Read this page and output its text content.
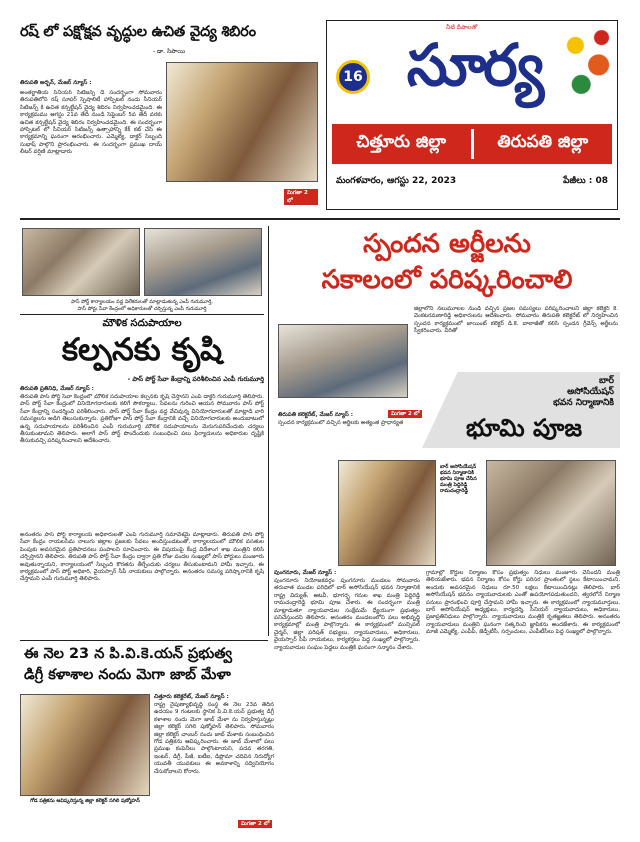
రష్ లో పక్షోక్షవ వృద్ధుల ఉచిత వైద్య శిబిరం
- డా. సిపాయి
తిరుపతి అర్బన్, మేజర్ న్యూస్ :
అంతర్జాతీయ సీనియర్ సిటిజన్స్ డే సందర్భంగా సోమవారం తిరుపతిలోని రష్ సూపర్ స్పెషాలిటీ హాస్పిటల్ నందు సీనియర్ సిటిజన్స్ కి ఉచిత కన్సల్టేషన్ వైద్య శిబిరం నిర్వహించడమైంది. ఈ కార్యక్రమము ఆగస్టు 21వ తేదీ నుండి సెప్టెంబర్ 5వ తేదీ వరకు ఉచిత కన్సల్టేషన్ వైద్య శిబిరం నిర్వహించడమైంది. ఈ సందర్భంగా హాస్పిటల్ లో సీనియర్ సిటిజన్స్ ఉత్సాహాన్ని కేక్ కట్ చేసి ఈ కార్యక్రమాన్ని ఘనంగా ఆరంభించారు. ఎమ్మెల్యే, డాక్టర్ సిబ్బంది సుభాష్ పాల్గొని ప్రారంభించారు. ఈ సందర్భంగా ప్రముఖ దాయ్ లీటర్ వర్షిణి మాట్లాడారు
మిగతా 2 లో
16
నీటి దీపాలతో
సూర్య
చిత్తూరు జిల్లా	తిరుపతి జిల్లా
మంగళవారం, ఆగస్టు 22, 2023	పేజీలు : 08
పాస్ పోర్ట్ కార్యాలయం వద్ద విలేకరులతో మాట్లాడుతున్న ఎంపీ గురుమూర్తి,
పాస్ పోర్టు సేవా కేంద్రంలో అధికారులతో చర్చిస్తున్న ఎంపీ గురుమూర్తి
మౌళిక సదుపాయాల
కల్పనకు కృషి
- పాస్ పోర్ట్ సేవా కేంద్రాన్ని పరిశీలించిన ఎంపీ గురుమూర్తి
తిరుపతి ప్రతినిధి, మేజర్ న్యూస్ :
తిరుపతి పాస్ పోర్ట్ సేవా కేంద్రంలో మౌలిక సదుపాయాల కల్పనకు కృషి చేస్తానని ఎంపీ డాక్టర్ గురుమూర్తి తెలిపారు. పాస్ పోర్ట్ సేవా కేంద్రంలో వినియోగదారులకు కలిగే సౌకర్యాలు, సేవలను గురించి ఆయన సోమవారం పాస్ పోర్ట్ సేవా కేంద్రాన్ని సందర్శించి పరిశీలించారు. పాస్ పోర్ట్ సేవా కేంద్రం వద్ద వేచివున్న వినియోగదారులతో మాట్లాడి వారి సమస్యలను అడిగి తెలుసుకున్నారు. ప్రతిరోజూ పాస్ పోర్ట్ సేవా కేంద్రానికి వచ్చే వినియోగదారులకు అందుబాటులో ఉన్న సదుపాయాలను పరిశీలించిన ఎంపీ గురుమూర్తి మౌలిక సదుపాయాలను మెరుగుపరిచేందుకు చర్యలు తీసుకుంటామని తెలిపారు. అలాగే పాస్ పోర్ట్ పొందేందుకు సంబంధించి పలు ఫిర్యాదులను అధికారుల దృష్టికి తీసుకువచ్చి పరిష్కరించాలని ఆదేశించారు.
అనంతరం పాస్ పోర్ట్ కార్యాలయ అధికారులతో ఎంపీ గురుమూర్తి సమావేశమై మాట్లాడారు. తిరుపతి పాస్ పోర్ట్ సేవా కేంద్రం రాయలసీమ నాలుగు జిల్లాల ప్రజలకు సేవలు అందిస్తుండటంతో, కార్యాలయంలో మౌలిక వసతుల పెంపుకు అవసరమైన ప్రతిపాదనలు పంపాలని సూచించారు. ఈ విషయంపై కేంద్ర విదేశాంగ శాఖ మంత్రిని కలిసి చర్చిస్తానని తెలిపారు. తిరుపతి పాస్ పోర్ట్ సేవా కేంద్రం ద్వారా ప్రతి రోజు వందల సంఖ్యలో పాస్ పోర్టులు మంజూరు అవుతున్నాయని, కార్యాలయంలో సిబ్బంది కొరతను తీర్చేందుకు చర్యలు తీసుకుంటామని హామీ ఇచ్చారు. ఈ కార్యక్రమంలో పాస్ పోర్ట్ అధికారి, వైయస్సార్ సీపీ నాయకులు పాల్గొన్నారు. అనంతరం సమస్య పరిష్కారానికి కృషి చేస్తామని ఎంపీ గురుమూర్తి తెలిపారు.
స్పందన అర్జీలను
సకాలంలో పరిష్కరించాలి
జిల్లాలోని నలుమూలల నుండి వచ్చిన ప్రజల సమస్యలు పరిష్కరించాలని జిల్లా కలెక్టర్ కె. వెంకటరమణారెడ్డి అధికారులను ఆదేశించారు. సోమవారం తిరుపతి కలెక్టరేట్ లో నిర్వహించిన స్పందన కార్యక్రమంలో జాయింట్ కలెక్టర్ డి.కె. బాలాజీతో కలిసి స్పందన గ్రీవెన్స్ అర్జీలను స్వీకరించారు. వీరితో
మిగతా 2 లో
తిరుపతి కలెక్టరేట్, మేజర్ న్యూస్ :
స్పందన కార్యక్రమంలో వచ్చిన అర్జీలకు అత్యంత ప్రాధాన్యత
బార్
అసోసియేషన్
భవన నిర్మాణానికి
భూమి పూజ
బార్ అసోసియేషన్ భవన నిర్మాణానికి భూమి పూజ చేసిన మంత్రి పెద్దిరెడ్డి రామచంద్రారెడ్డి
పుంగనూరు, మేజర్ న్యూస్ :
పుంగనూరు నియోజకవర్గం పుంగనూరు మండలం సోమవారం తరువాత మండల పరిధిలో బార్ అసోసియేషన్ భవన నిర్మాణానికి రాష్ట్ర విద్యుత్, అటవీ, భూగర్భ గనుల శాఖ మంత్రి పెద్దిరెడ్డి రామచంద్రారెడ్డి భూమి పూజ చేశారు. ఈ సందర్భంగా మంత్రి మాట్లాడుతూ న్యాయవాదుల సంక్షేమమే ధ్యేయంగా ప్రభుత్వం పనిచేస్తుందని తెలిపారు. అనంతరం మండలంలోని పలు అభివృద్ధి కార్యక్రమాల్లో మంత్రి పాల్గొన్నారు. ఈ కార్యక్రమంలో మున్సిపల్ చైర్మన్, జిల్లా పరిషత్ సభ్యులు, న్యాయవాదులు, అధికారులు, వైయస్సార్ సీపీ నాయకులు, కార్యకర్తలు పెద్ద సంఖ్యలో పాల్గొన్నారు. న్యాయవాదుల సంఘం పెద్దలు మంత్రికి ఘనంగా సన్మానం చేశారు.
గ్రామాల్లో కోర్టుల నిర్మాణం కోసం ప్రభుత్వం నిధులు మంజూరు చేసిందని మంత్రి తెలియజేశారు. భవన నిర్మాణం కోసం కోర్టు పరిసర ప్రాంతంలో స్థలం కేటాయించామని, అందుకు అవసరమైన నిధులు రూ.50 లక్షలు కేటాయించినట్లు తెలిపారు. బార్ అసోసియేషన్ భవనం న్యాయవాదులకు ఎంతో ఉపయోగపడుతుందని, త్వరలోనే నిర్మాణ పనులు ప్రారంభించి పూర్తి చేస్తామని హామీ ఇచ్చారు. ఈ కార్యక్రమంలో న్యాయమూర్తులు, బార్ అసోసియేషన్ అధ్యక్షులు, కార్యదర్శి, సీనియర్ న్యాయవాదులు, అధికారులు, ప్రజాప్రతినిధులు పాల్గొన్నారు. న్యాయవాదులు మంత్రికి కృతజ్ఞతలు తెలిపారు. అనంతరం న్యాయవాదులు మంత్రిని ఘనంగా సత్కరించి జ్ఞాపికను అందజేశారు. ఈ కార్యక్రమంలో మాజీ ఎమ్మెల్యే, ఎంపీపీ, జెడ్పీటీసీ, సర్పంచులు, ఎంపీటీసీలు పెద్ద సంఖ్యలో పాల్గొన్నారు.
ఈ నెల 23 న పి.వి.కె.యన్ ప్రభుత్వ
డిగ్రీ కళాశాల నందు మెగా జాబ్ మేళా
గోడ పత్రికను ఆవిష్కరిస్తున్న జిల్లా కలెక్టర్ సగిలి షణ్మోహన్
చిత్తూరు కలెక్టరేట్, మేజర్ న్యూస్ :
రాష్ట్ర నైపుణ్యాభివృద్ధి సంస్థ ఈ నెల 23వ తేదీన ఉదయం 9 గంటలకు స్థానిక పి.వి.కె.యన్ ప్రభుత్వ డిగ్రీ కళాశాల నందు మెగా జాబ్ మేళా ను నిర్వహిస్తున్నట్లు జిల్లా కలెక్టర్ సగిలి షణ్మోహన్ తెలిపారు. సోమవారం జిల్లా కలెక్టర్ చాంబర్ నందు జాబ్ మేళాకు సంబంధించిన గోడ పత్రికను ఆవిష్కరించారు. ఈ జాబ్ మేళాలో పలు ప్రముఖ కంపెనీలు పాల్గొంటాయని, పదవ తరగతి, ఇంటర్, డిగ్రీ, పీజీ, ఐటీఐ, డిప్లొమా చదివిన నిరుద్యోగ యువతీ యువకులు ఈ అవకాశాన్ని సద్వినియోగం చేసుకోవాలని కోరారు.
మిగతా 2 లో
